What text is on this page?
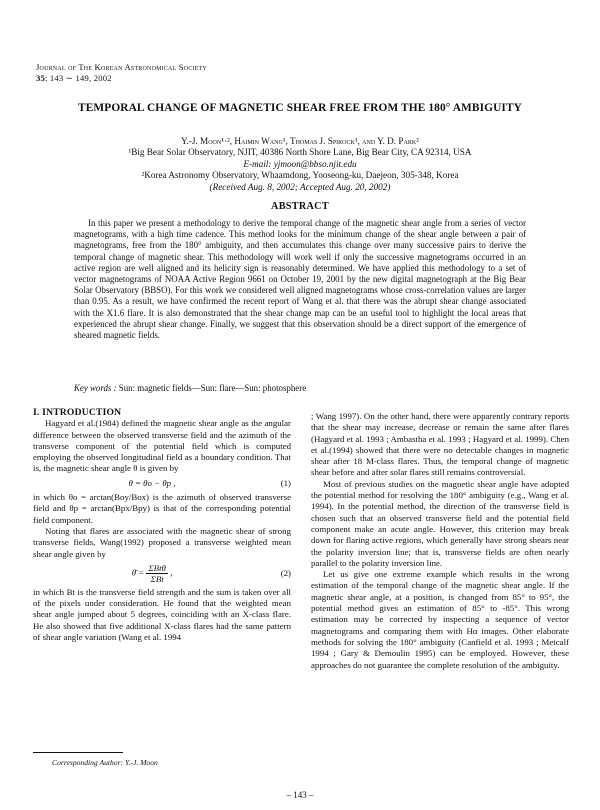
Journal of The Korean Astronomical Society
35: 143 ∼ 149, 2002
TEMPORAL CHANGE OF MAGNETIC SHEAR FREE FROM THE 180° AMBIGUITY
Y.-J. Moon¹·², Haimin Wang¹, Thomas J. Spirock¹, and Y. D. Park²
¹Big Bear Solar Observatory, NJIT, 40386 North Shore Lane, Big Bear City, CA 92314, USA
E-mail: yjmoon@bbso.njit.edu
²Korea Astronomy Observatory, Whaamdong, Yooseong-ku, Daejeon, 305-348, Korea
(Received Aug. 8, 2002; Accepted Aug. 20, 2002)
ABSTRACT

In this paper we present a methodology to derive the temporal change of the magnetic shear angle from a series of vector magnetograms, with a high time cadence. This method looks for the minimum change of the shear angle between a pair of magnetograms, free from the 180° ambiguity, and then accumulates this change over many successive pairs to derive the temporal change of magnetic shear. This methodology will work well if only the successive magnetograms occurred in an active region are well aligned and its helicity sign is reasonably determined. We have applied this methodology to a set of vector magnetograms of NOAA Active Region 9661 on October 19, 2001 by the new digital magnetograph at the Big Bear Solar Observatory (BBSO). For this work we considered well aligned magnetograms whose cross-correlation values are larger than 0.95. As a result, we have confirmed the recent report of Wang et al. that there was the abrupt shear change associated with the X1.6 flare. It is also demonstrated that the shear change map can be an useful tool to highlight the local areas that experienced the abrupt shear change. Finally, we suggest that this observation should be a direct support of the emergence of sheared magnetic fields.

Key words : Sun: magnetic fields—Sun: flare—Sun: photosphere

I. INTRODUCTION

Hagyard et al.(1984) defined the magnetic shear angle as the angular difference between the observed transverse field and the azimuth of the transverse component of the potential field which is computed employing the observed longitudinal field as a boundary condition. That is, the magnetic shear angle θ is given by

θ = θo − θp ,	(1)

in which θo = arctan(Boy/Box) is the azimuth of observed transverse field and θp = arctan(Bpx/Bpy) is that of the corresponding potential field component.

Noting that flares are associated with the magnetic shear of strong transverse fields, Wang(1992) proposed a transverse weighted mean shear angle given by

θ̄ = $\frac{\text{ΣBtθ}}{\text{ΣBt}}$ ,	(2)

in which Bt is the transverse field strength and the sum is taken over all of the pixels under consideration. He found that the weighted mean shear angle jumped about 5 degrees, coinciding with an X-class flare. He also showed that five additional X-class flares had the same pattern of shear angle variation (Wang et al. 1994

; Wang 1997). On the other hand, there were apparently contrary reports that the shear may increase, decrease or remain the same after flares (Hagyard et al. 1993 ; Ambastha et al. 1993 ; Hagyard et al. 1999). Chen et al.(1994) showed that there were no detectable changes in magnetic shear after 18 M-class flares. Thus, the temporal change of magnetic shear before and after solar flares still remains controversial.

Most of previous studies on the magnetic shear angle have adopted the potential method for resolving the 180° ambiguity (e.g., Wang et al. 1994). In the potential method, the direction of the transverse field is chosen such that an observed transverse field and the potential field component make an acute angle. However, this criterion may break down for flaring active regions, which generally have strong shears near the polarity inversion line; that is, transverse fields are often nearly parallel to the polarity inversion line.

Let us give one extreme example which results in the wrong estimation of the temporal change of the magnetic shear angle. If the magnetic shear angle, at a position, is changed from 85° to 95°, the potential method gives an estimation of 85° to -85°. This wrong estimation may be corrected by inspecting a sequence of vector magnetograms and comparing them with Hα images. Other elaborate methods for solving the 180° ambiguity (Canfield et al. 1993 ; Metcalf 1994 ; Gary & Demoulin 1995) can be employed. However, these approaches do not guarantee the complete resolution of the ambiguity.

Corresponding Author: Y.-J. Moon
– 143 –
